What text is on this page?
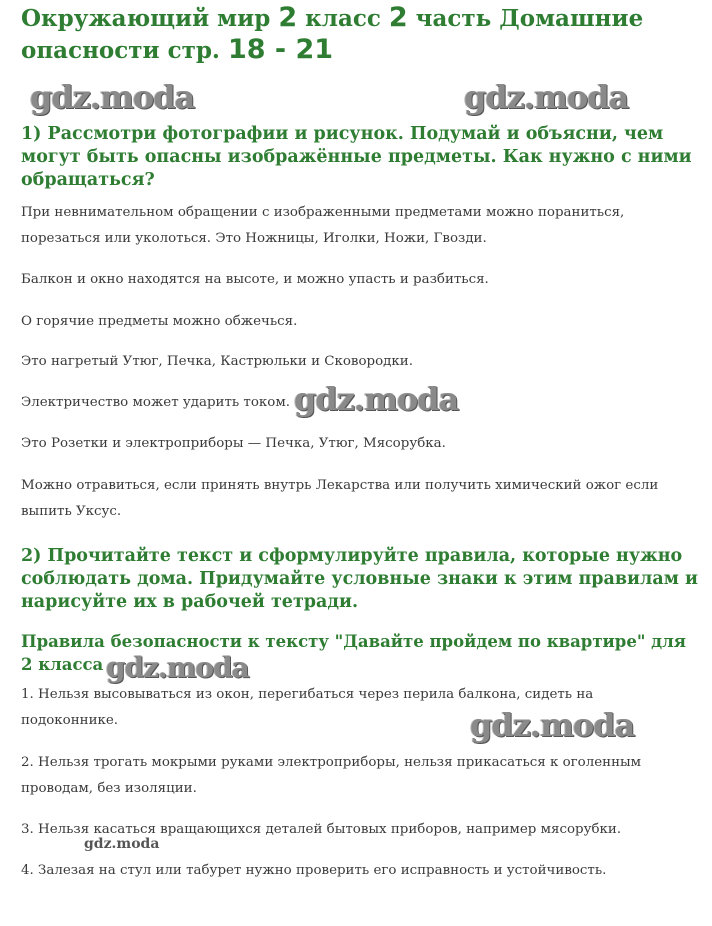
Окружающий мир 2 класс 2 часть Домашние опасности стр. 18 - 21
gdz.moda	gdz.moda
1) Рассмотри фотографии и рисунок. Подумай и объясни, чем могут быть опасны изображённые предметы. Как нужно с ними обращаться?

При невнимательном обращении с изображенными предметами можно пораниться, порезаться или уколоться. Это Ножницы, Иголки, Ножи, Гвозди.

Балкон и окно находятся на высоте, и можно упасть и разбиться.

О горячие предметы можно обжечься.

Это нагретый Утюг, Печка, Кастрюльки и Сковородки.

Электричество может ударить током. gdz.moda

Это Розетки и электроприборы — Печка, Утюг, Мясорубка.

Можно отравиться, если принять внутрь Лекарства или получить химический ожог если выпить Уксус.

2) Прочитайте текст и сформулируйте правила, которые нужно соблюдать дома. Придумайте условные знаки к этим правилам и нарисуйте их в рабочей тетради.
Правила безопасности к тексту "Давайте пройдем по квартире" для 2 класса gdz.moda

1. Нельзя высовываться из окон, перегибаться через перила балкона, сидеть на подоконнике.	gdz.moda

2. Нельзя трогать мокрыми руками электроприборы, нельзя прикасаться к оголенным проводам, без изоляции.

3. Нельзя касаться вращающихся деталей бытовых приборов, например мясорубки.

gdz.moda

4. Залезая на стул или табурет нужно проверить его исправность и устойчивость.
